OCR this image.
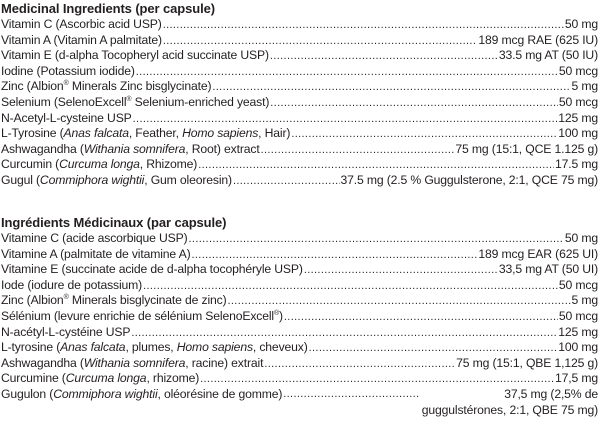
Medicinal Ingredients (per capsule)
Vitamin C (Ascorbic acid USP) .....	50 mg
Vitamin A (Vitamin A palmitate) .....	189 mcg RAE (625 IU)
Vitamin E (d-alpha Tocopheryl acid succinate USP) .....	33.5 mg AT (50 IU)
Iodine (Potassium iodide) .....	50 mcg
Zinc (Albion® Minerals Zinc bisglycinate) .....	5 mg
Selenium (SelenoExcell® Selenium-enriched yeast) .....	50 mcg
N-Acetyl-L-cysteine USP .....	125 mg
L-Tyrosine (Anas falcata, Feather, Homo sapiens, Hair) .....	100 mg
Ashwagandha (Withania somnifera, Root) extract .....	75 mg (15:1, QCE 1.125 g)
Curcumin (Curcuma longa, Rhizome) .....	17.5 mg
Gugul (Commiphora wightii, Gum oleoresin) .....	37.5 mg (2.5 % Guggulsterone, 2:1, QCE 75 mg)
Ingrédients Médicinaux (par capsule)
Vitamine C (acide ascorbique USP) .....	50 mg
Vitamine A (palmitate de vitamine A) .....	189 mcg EAR (625 UI)
Vitamine E (succinate acide de d-alpha tocophéryle USP) .....	33,5 mg AT (50 UI)
Iode (iodure de potassium) .....	50 mcg
Zinc (Albion® Minerals bisglycinate de zinc) .....	5 mg
Sélénium (levure enrichie de sélénium SelenoExcell®) .....	50 mcg
N-acétyl-L-cystéine USP .....	125 mg
L-tyrosine (Anas falcata, plumes, Homo sapiens, cheveux) .....	100 mg
Ashwagandha (Withania somnifera, racine) extrait .....	75 mg (15:1, QBE 1,125 g)
Curcumine (Curcuma longa, rhizome) .....	17,5 mg
Gugulon (Commiphora wightii, oléorésine de gomme) .....	37,5 mg (2,5% de guggulstérones, 2:1, QBE 75 mg)
